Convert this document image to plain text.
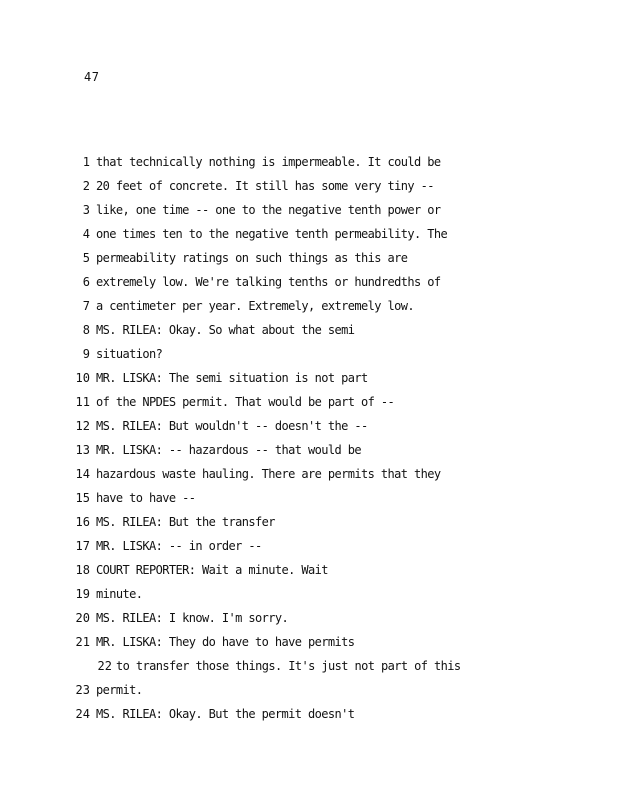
47
1 that technically nothing is impermeable. It could be
2 20 feet of concrete. It still has some very tiny --
3 like, one time -- one to the negative tenth power or
4 one times ten to the negative tenth permeability. The
5 permeability ratings on such things as this are
6 extremely low. We're talking tenths or hundredths of
7 a centimeter per year. Extremely, extremely low.
8 MS. RILEA: Okay. So what about the semi
9 situation?
10 MR. LISKA: The semi situation is not part
11 of the NPDES permit. That would be part of --
12 MS. RILEA: But wouldn't -- doesn't the --
13 MR. LISKA: -- hazardous -- that would be
14 hazardous waste hauling. There are permits that they
15 have to have --
16 MS. RILEA: But the transfer
17 MR. LISKA: -- in order --
18 COURT REPORTER: Wait a minute. Wait
19 minute.
20 MS. RILEA: I know. I'm sorry.
21 MR. LISKA: They do have to have permits
22 to transfer those things. It's just not part of this
23 permit.
24 MS. RILEA: Okay. But the permit doesn't
